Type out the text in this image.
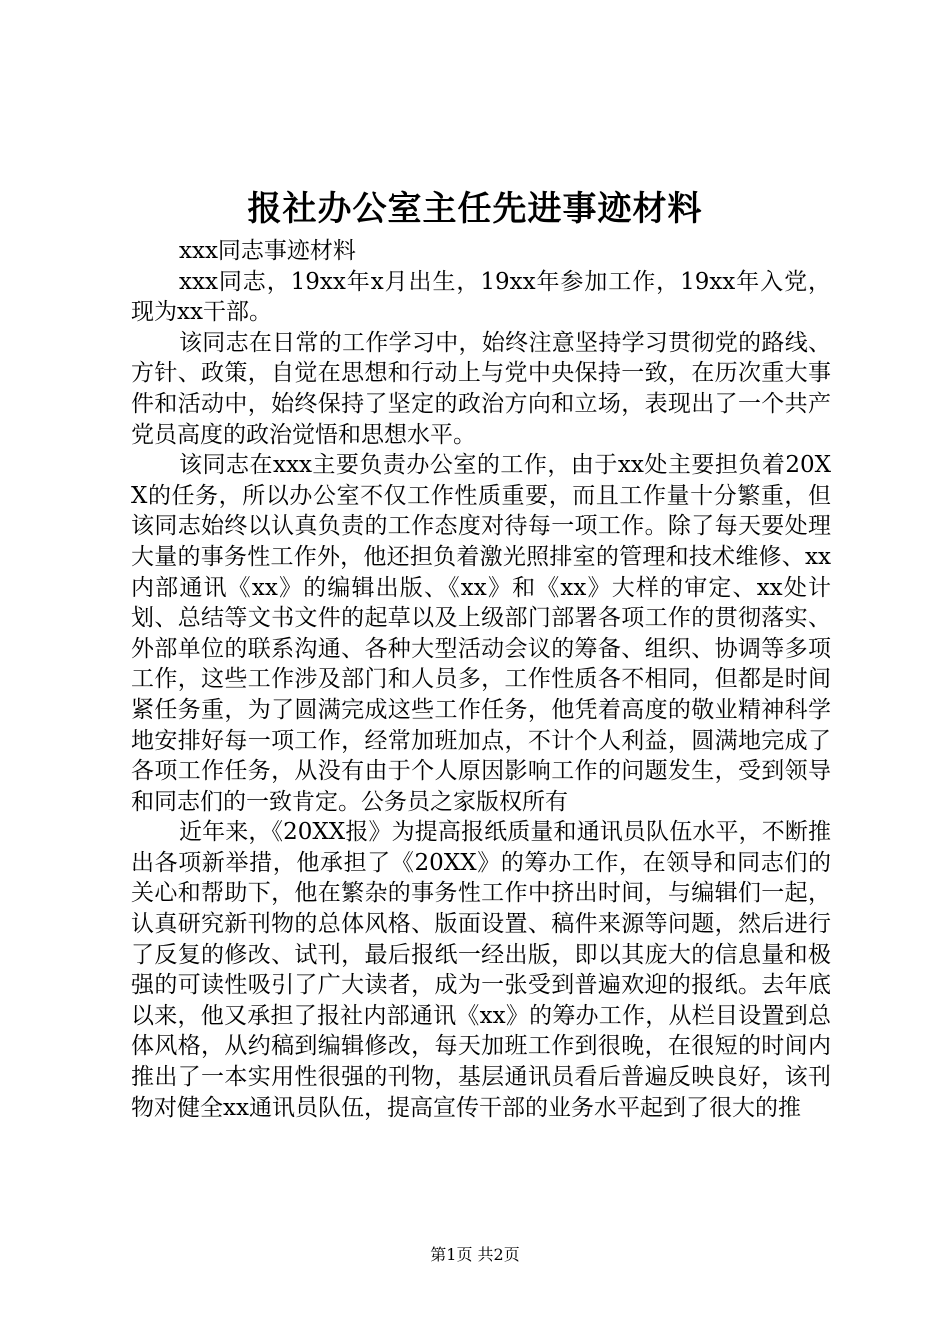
报社办公室主任先进事迹材料

xxx同志事迹材料

xxx同志，19xx年x月出生，19xx年参加工作，19xx年入党，现为xx干部。

该同志在日常的工作学习中，始终注意坚持学习贯彻党的路线、方针、政策，自觉在思想和行动上与党中央保持一致，在历次重大事件和活动中，始终保持了坚定的政治方向和立场，表现出了一个共产党员高度的政治觉悟和思想水平。

该同志在xxx主要负责办公室的工作，由于xx处主要担负着20XX的任务，所以办公室不仅工作性质重要，而且工作量十分繁重，但该同志始终以认真负责的工作态度对待每一项工作。除了每天要处理大量的事务性工作外，他还担负着激光照排室的管理和技术维修、xx内部通讯《xx》的编辑出版、《xx》和《xx》大样的审定、xx处计划、总结等文书文件的起草以及上级部门部署各项工作的贯彻落实、外部单位的联系沟通、各种大型活动会议的筹备、组织、协调等多项工作，这些工作涉及部门和人员多，工作性质各不相同，但都是时间紧任务重，为了圆满完成这些工作任务，他凭着高度的敬业精神科学地安排好每一项工作，经常加班加点，不计个人利益，圆满地完成了各项工作任务，从没有由于个人原因影响工作的问题发生，受到领导和同志们的一致肯定。公务员之家版权所有

近年来，《20XX报》为提高报纸质量和通讯员队伍水平，不断推出各项新举措，他承担了《20XX》的筹办工作，在领导和同志们的关心和帮助下，他在繁杂的事务性工作中挤出时间，与编辑们一起，认真研究新刊物的总体风格、版面设置、稿件来源等问题，然后进行了反复的修改、试刊，最后报纸一经出版，即以其庞大的信息量和极强的可读性吸引了广大读者，成为一张受到普遍欢迎的报纸。去年底以来，他又承担了报社内部通讯《xx》的筹办工作，从栏目设置到总体风格，从约稿到编辑修改，每天加班工作到很晚，在很短的时间内推出了一本实用性很强的刊物，基层通讯员看后普遍反映良好，该刊物对健全xx通讯员队伍，提高宣传干部的业务水平起到了很大的推

第1页 共2页
